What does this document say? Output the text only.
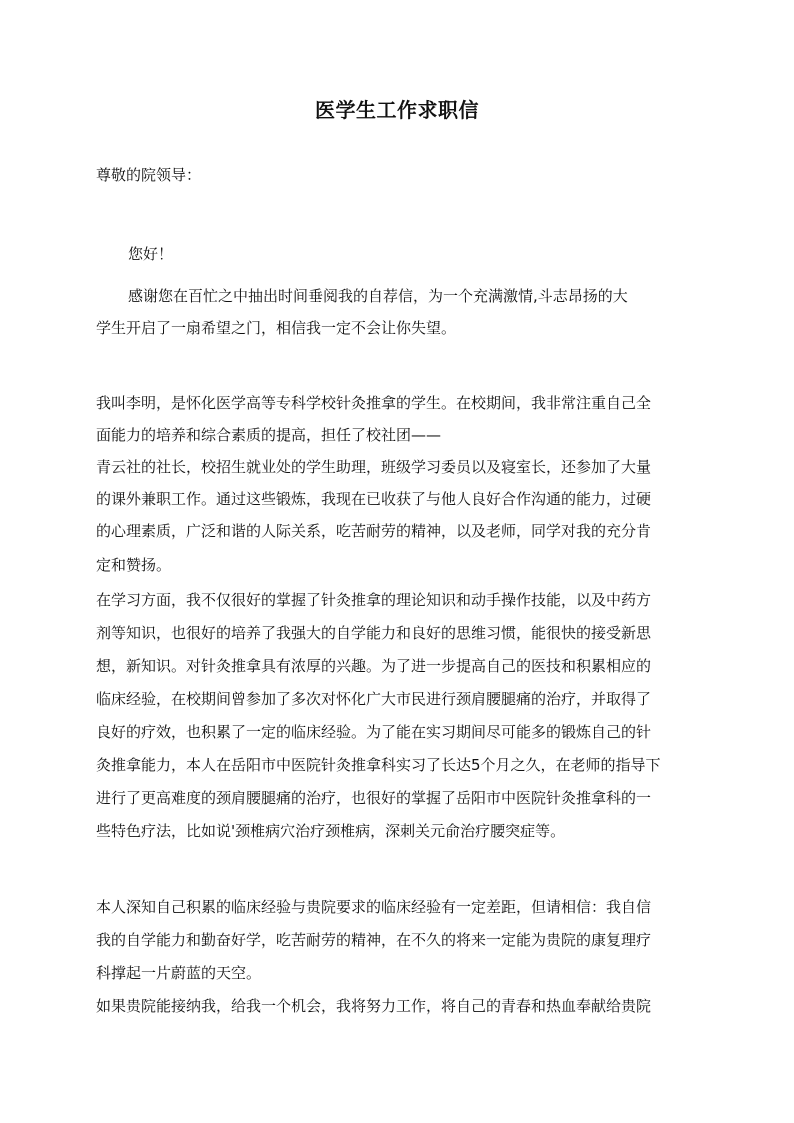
医学生工作求职信
尊敬的院领导：
您好！
感谢您在百忙之中抽出时间垂阅我的自荐信，为一个充满激情,斗志昂扬的大
学生开启了一扇希望之门，相信我一定不会让你失望。
我叫李明，是怀化医学高等专科学校针灸推拿的学生。在校期间，我非常注重自己全
面能力的培养和综合素质的提高，担任了校社团——
青云社的社长，校招生就业处的学生助理，班级学习委员以及寝室长，还参加了大量
的课外兼职工作。通过这些锻炼，我现在已收获了与他人良好合作沟通的能力，过硬
的心理素质，广泛和谐的人际关系，吃苦耐劳的精神，以及老师，同学对我的充分肯
定和赞扬。
在学习方面，我不仅很好的掌握了针灸推拿的理论知识和动手操作技能，以及中药方
剂等知识，也很好的培养了我强大的自学能力和良好的思维习惯，能很快的接受新思
想，新知识。对针灸推拿具有浓厚的兴趣。为了进一步提高自己的医技和积累相应的
临床经验，在校期间曾参加了多次对怀化广大市民进行颈肩腰腿痛的治疗，并取得了
良好的疗效，也积累了一定的临床经验。为了能在实习期间尽可能多的锻炼自己的针
灸推拿能力，本人在岳阳市中医院针灸推拿科实习了长达5个月之久，在老师的指导下
进行了更高难度的颈肩腰腿痛的治疗，也很好的掌握了岳阳市中医院针灸推拿科的一
些特色疗法，比如说'颈椎病穴治疗颈椎病，深刺关元俞治疗腰突症等。
本人深知自己积累的临床经验与贵院要求的临床经验有一定差距，但请相信：我自信
我的自学能力和勤奋好学，吃苦耐劳的精神，在不久的将来一定能为贵院的康复理疗
科撑起一片蔚蓝的天空。
如果贵院能接纳我，给我一个机会，我将努力工作，将自己的青春和热血奉献给贵院
